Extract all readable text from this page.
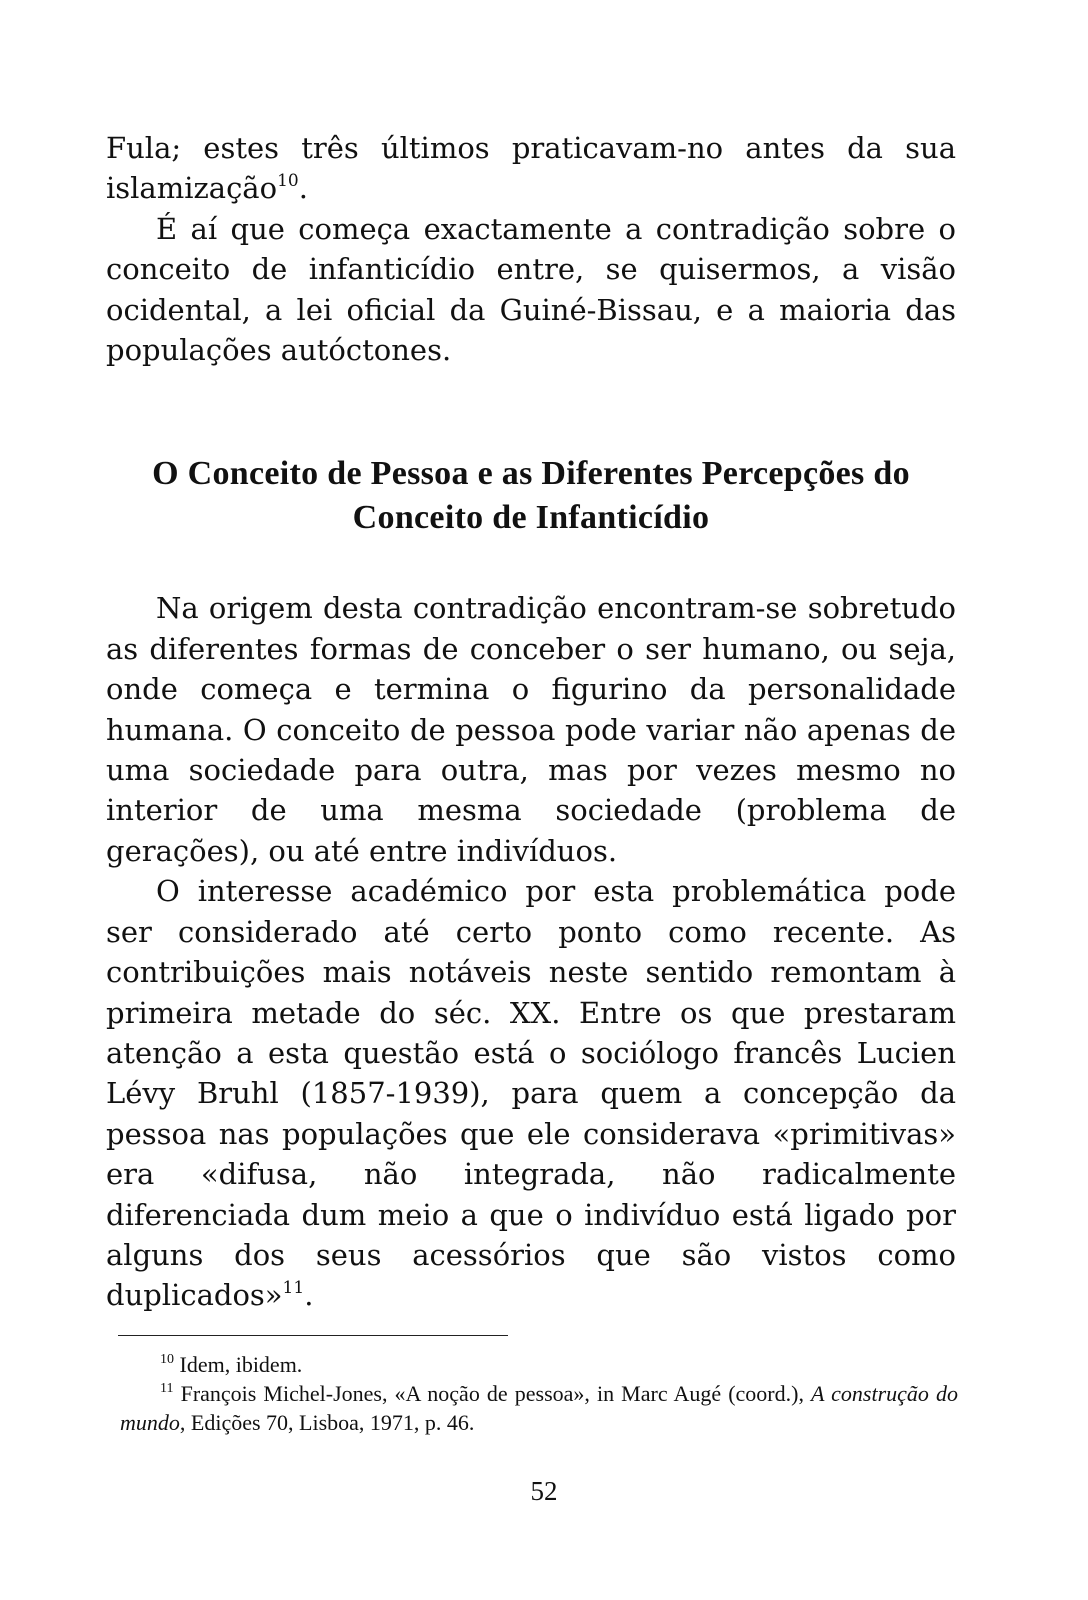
Fula; estes três últimos praticavam-no antes da sua islamização$^{10}$.

É aí que começa exactamente a contradição sobre o conceito de infanticídio entre, se quisermos, a visão ocidental, a lei oficial da Guiné-Bissau, e a maioria das populações autóctones.

O Conceito de Pessoa e as Diferentes Percepções do
Conceito de Infanticídio

Na origem desta contradição encontram-se sobretudo as diferentes formas de conceber o ser humano, ou seja, onde começa e termina o figurino da personalidade humana. O conceito de pessoa pode variar não apenas de uma sociedade para outra, mas por vezes mesmo no interior de uma mesma sociedade (problema de gerações), ou até entre indivíduos.

O interesse académico por esta problemática pode ser considerado até certo ponto como recente. As contribuições mais notáveis neste sentido remontam à primeira metade do séc. XX. Entre os que prestaram atenção a esta questão está o sociólogo francês Lucien Lévy Bruhl (1857-1939), para quem a concepção da pessoa nas populações que ele considerava «primitivas» era «difusa, não integrada, não radicalmente diferenciada dum meio a que o indivíduo está ligado por alguns dos seus acessórios que são vistos como duplicados»$^{11}$.

$^{10}$ Idem, ibidem.

$^{11}$ François Michel-Jones, «A noção de pessoa», in Marc Augé (coord.), A construção do mundo, Edições 70, Lisboa, 1971, p. 46.

52
